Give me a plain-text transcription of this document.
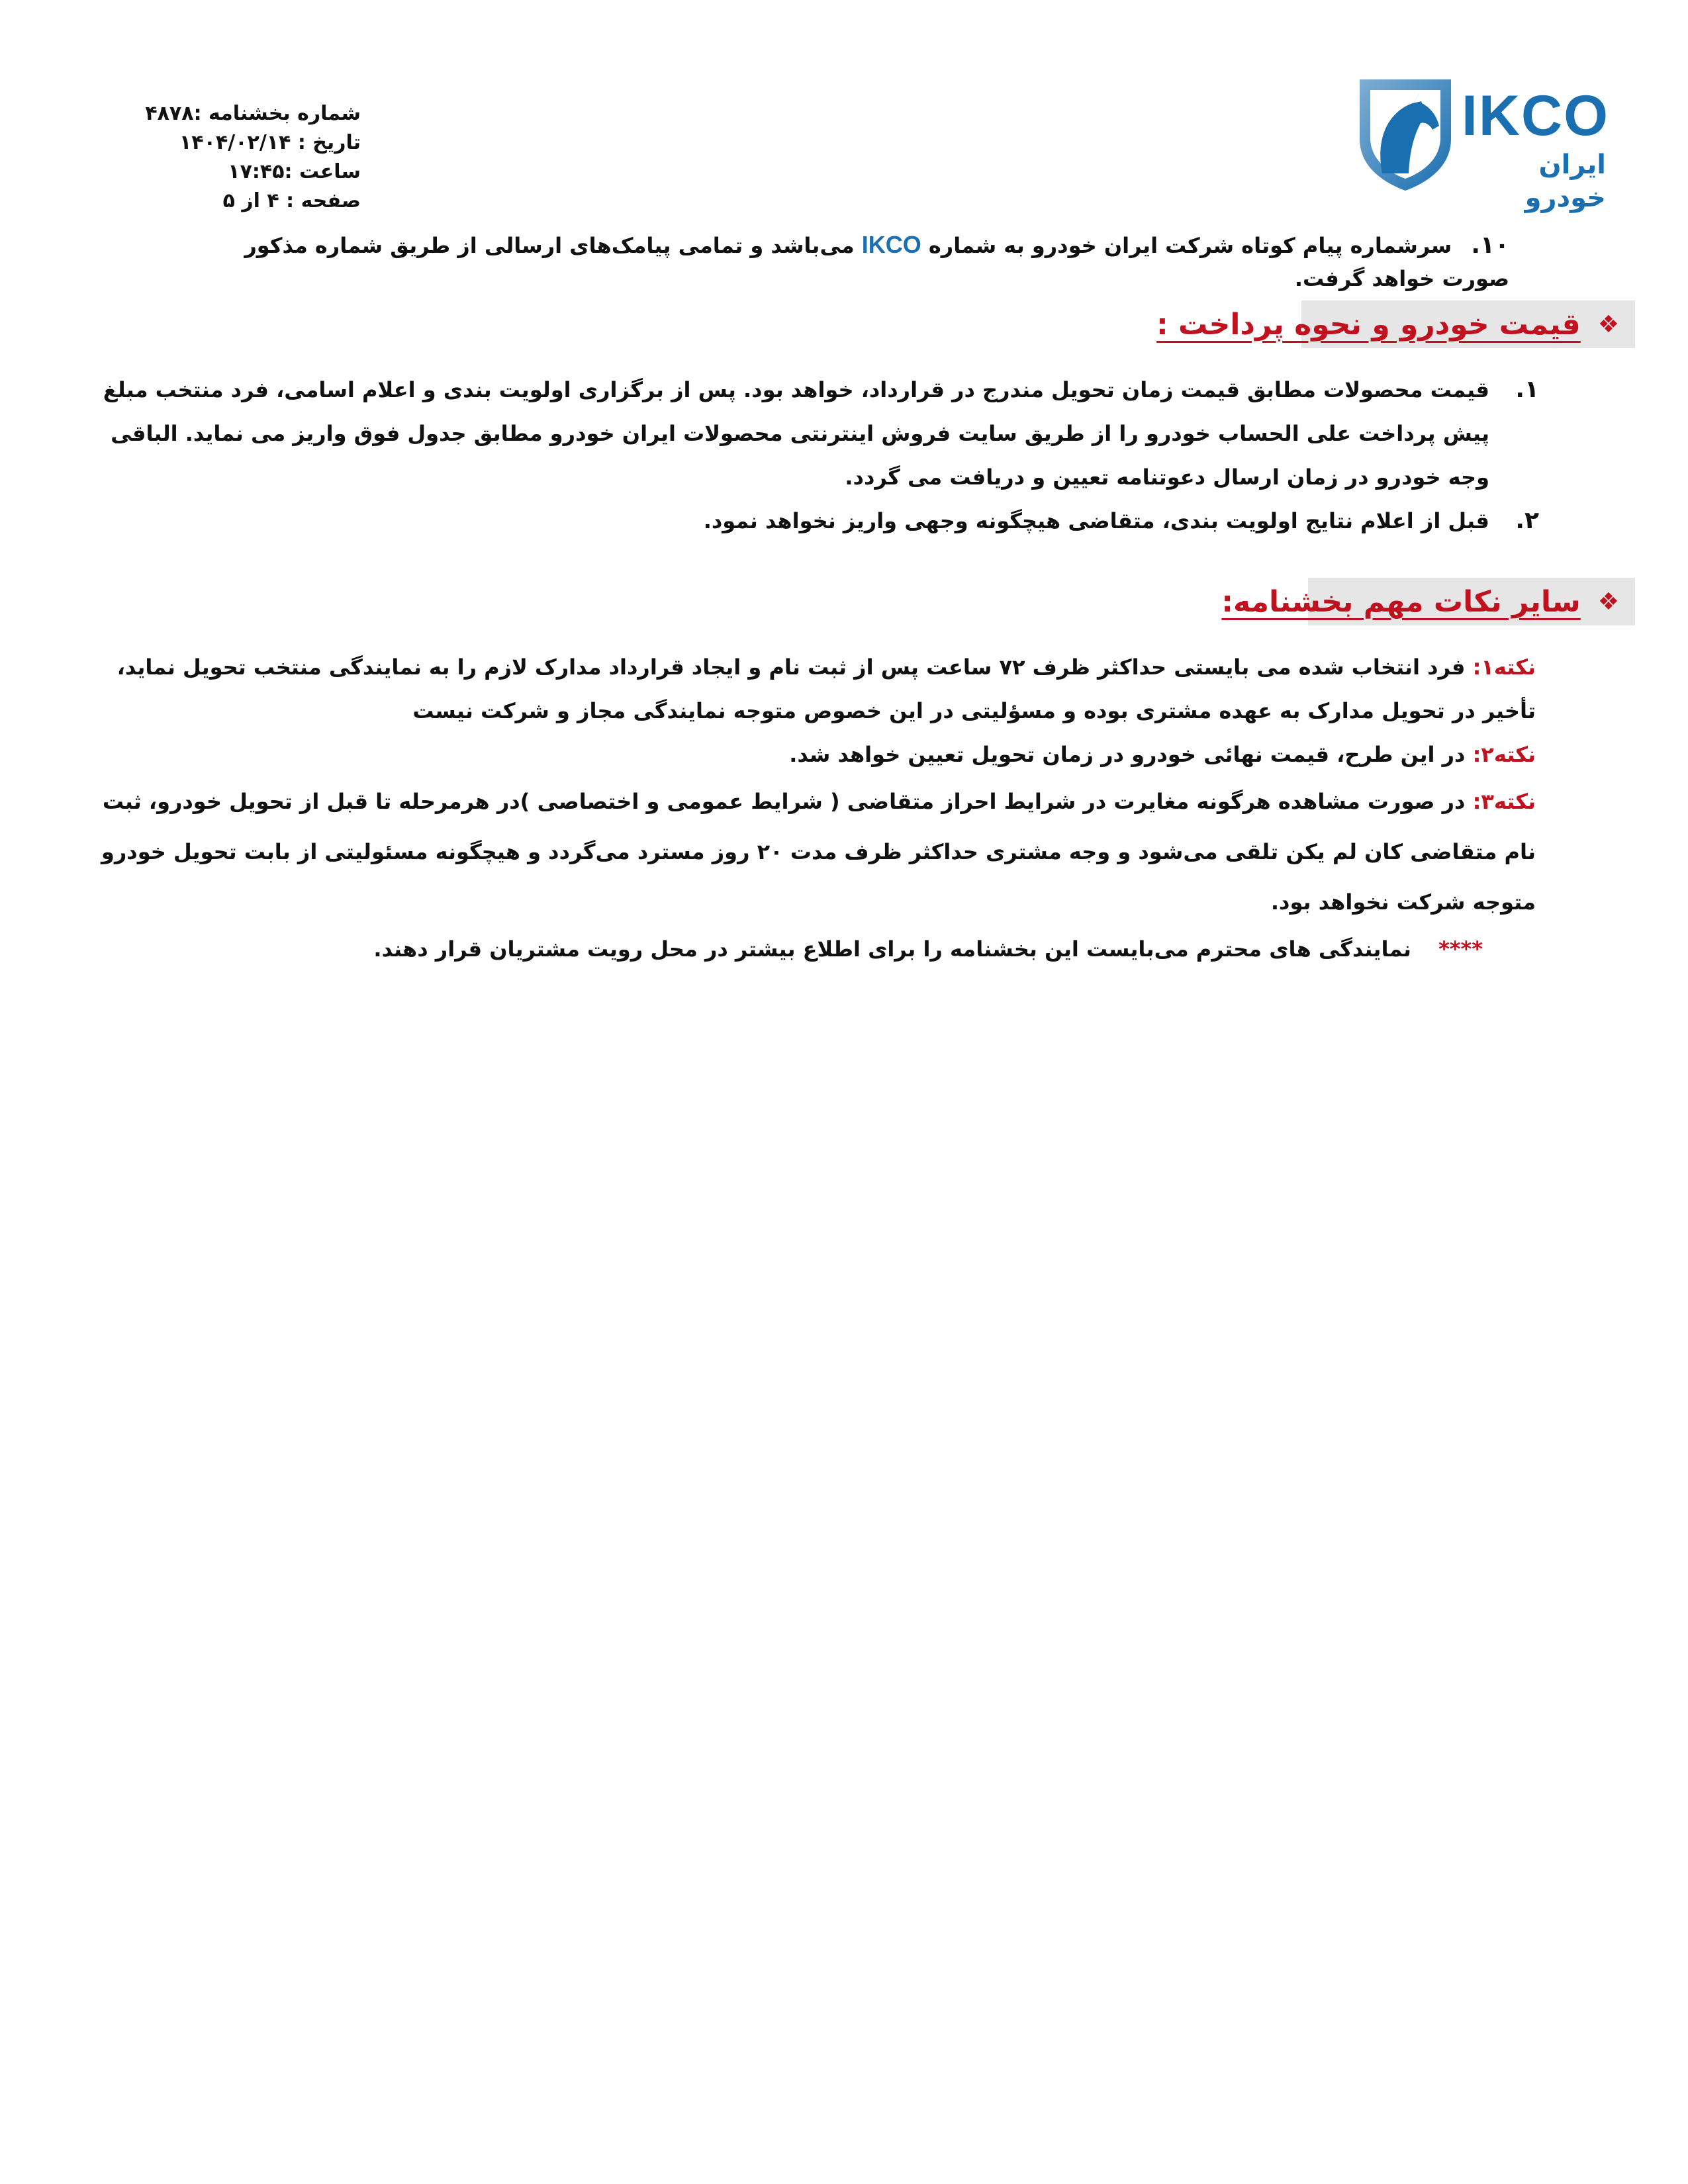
شماره بخشنامه :۴۸۷۸
تاریخ : ۱۴۰۴/۰۲/۱۴
ساعت :۱۷:۴۵
صفحه : ۴ از ۵
IKCO
ایران خودرو
۱۰. سرشماره پیام کوتاه شرکت ایران خودرو به شماره IKCO می‌باشد و تمامی پیامک‌های ارسالی از طریق شماره مذکور صورت خواهد گرفت.
❖
قیمت خودرو و نحوه پرداخت :
۱.
قیمت محصولات مطابق قیمت زمان تحویل مندرج در قرارداد، خواهد بود. پس از برگزاری اولویت بندی و اعلام اسامی، فرد منتخب مبلغ پیش پرداخت علی الحساب خودرو را از طریق سایت فروش اینترنتی محصولات ایران خودرو مطابق جدول فوق واریز می نماید. الباقی وجه خودرو در زمان ارسال دعوتنامه تعیین و دریافت می گردد.
۲.
قبل از اعلام نتایج اولویت بندی، متقاضی هیچگونه وجهی واریز نخواهد نمود.
❖
سایر نکات مهم بخشنامه:
نکته۱: فرد انتخاب شده می بایستی حداکثر ظرف ۷۲ ساعت پس از ثبت نام و ایجاد قرارداد مدارک لازم را به نمایندگی منتخب تحویل نماید، تأخیر در تحویل مدارک به عهده مشتری بوده و مسؤلیتی در این خصوص متوجه نمایندگی مجاز و شرکت نیست
نکته۲: در این طرح، قیمت نهائی خودرو در زمان تحویل تعیین خواهد شد.
نکته۳: در صورت مشاهده هرگونه مغایرت در شرایط احراز متقاضی ( شرایط عمومی و اختصاصی )در هرمرحله تا قبل از تحویل خودرو، ثبت نام متقاضی کان لم یکن تلقی می‌شود و وجه مشتری حداکثر ظرف مدت ۲۰ روز مسترد می‌گردد و هیچگونه مسئولیتی از بابت تحویل خودرو متوجه شرکت نخواهد بود.
**** نمایندگی های محترم می‌بایست این بخشنامه را برای اطلاع بیشتر در محل رویت مشتریان قرار دهند.
